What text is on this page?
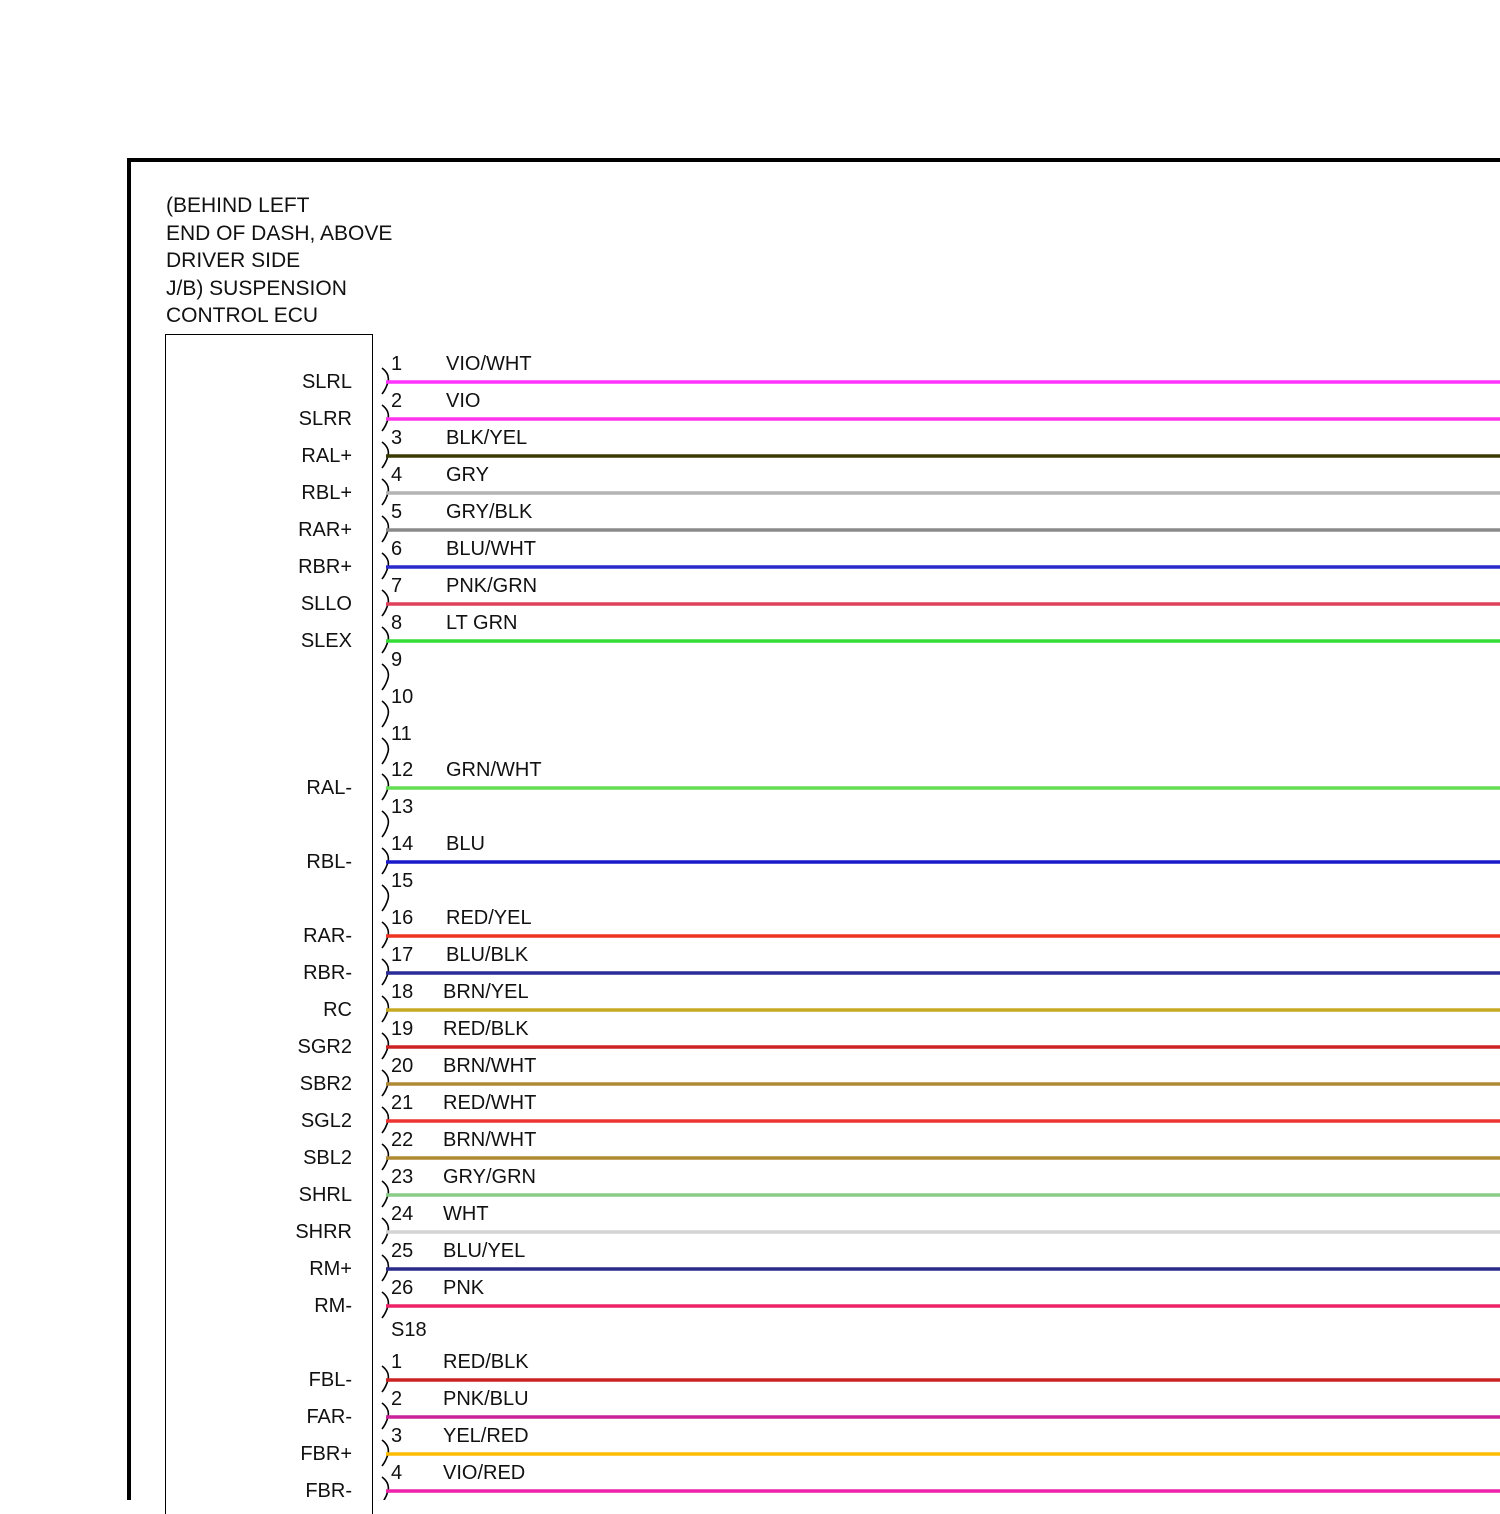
(BEHIND LEFT
END OF DASH, ABOVE
DRIVER SIDE
J/B) SUSPENSION
CONTROL ECU
1 VIO/WHT
SLRL
2 VIO
SLRR
3 BLK/YEL
RAL+
4 GRY
RBL+
5 GRY/BLK
RAR+
6 BLU/WHT
RBR+
7 PNK/GRN
SLLO
8 LT GRN
SLEX
9
10
11
12 GRN/WHT
RAL-
13
14 BLU
RBL-
15
16 RED/YEL
RAR-
17 BLU/BLK
RBR-
18 BRN/YEL
RC
19 RED/BLK
SGR2
20 BRN/WHT
SBR2
21 RED/WHT
SGL2
22 BRN/WHT
SBL2
23 GRY/GRN
SHRL
24 WHT
SHRR
25 BLU/YEL
RM+
26 PNK
RM-
1 RED/BLK
FBL-
2 PNK/BLU
FAR-
3 YEL/RED
FBR+
4 VIO/RED
FBR-
S18
